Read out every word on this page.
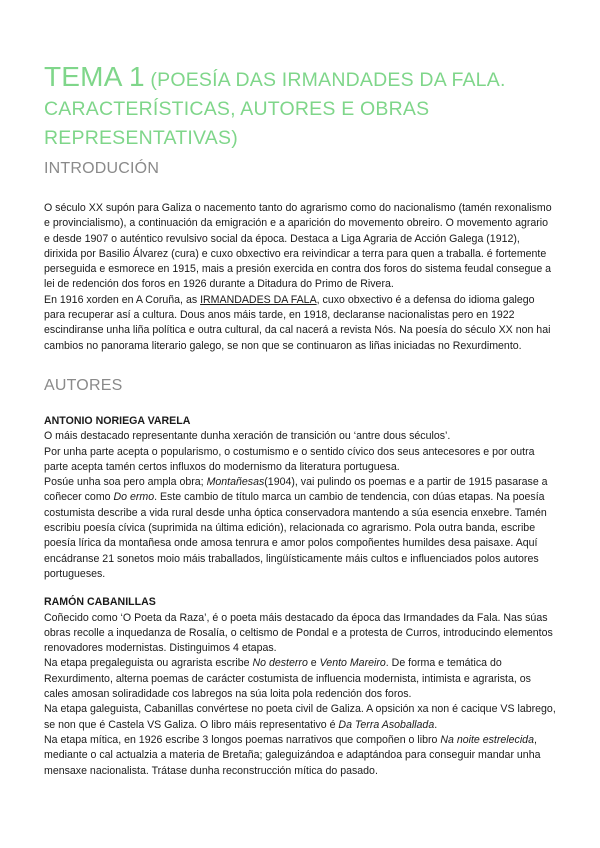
TEMA 1 (POESÍA DAS IRMANDADES DA FALA. CARACTERÍSTICAS, AUTORES E OBRAS REPRESENTATIVAS)
INTRODUCIÓN

O século XX supón para Galiza o nacemento tanto do agrarismo como do nacionalismo (tamén rexonalismo e provincialismo), a continuación da emigración e a aparición do movemento obreiro. O movemento agrario e desde 1907 o auténtico revulsivo social da época. Destaca a Liga Agraria de Acción Galega (1912), dirixida por Basilio Álvarez (cura) e cuxo obxectivo era reivindicar a terra para quen a traballa. é fortemente perseguida e esmorece en 1915, mais a presión exercida en contra dos foros do sistema feudal consegue a lei de redención dos foros en 1926 durante a Ditadura do Primo de Rivera.

En 1916 xorden en A Coruña, as IRMANDADES DA FALA, cuxo obxectivo é a defensa do idioma galego para recuperar así a cultura. Dous anos máis tarde, en 1918, declaranse nacionalistas pero en 1922 escindiranse unha liña política e outra cultural, da cal nacerá a revista Nós. Na poesía do século XX non hai cambios no panorama literario galego, se non que se continuaron as liñas iniciadas no Rexurdimento.

AUTORES

ANTONIO NORIEGA VARELA

O máis destacado representante dunha xeración de transición ou ‘antre dous séculos’.

Por unha parte acepta o popularismo, o costumismo e o sentido cívico dos seus antecesores e por outra parte acepta tamén certos influxos do modernismo da literatura portuguesa.

Posúe unha soa pero ampla obra; Montañesas(1904), vai pulindo os poemas e a partir de 1915 pasarase a coñecer como Do ermo. Este cambio de título marca un cambio de tendencia, con dúas etapas. Na poesía costumista describe a vida rural desde unha óptica conservadora mantendo a súa esencia enxebre. Tamén escribiu poesía cívica (suprimida na última edición), relacionada co agrarismo. Pola outra banda, escribe poesía lírica da montañesa onde amosa tenrura e amor polos compoñentes humildes desa paisaxe. Aquí encádranse 21 sonetos moio máis traballados, lingüísticamente máis cultos e influenciados polos autores portugueses.

RAMÓN CABANILLAS

Coñecido como ‘O Poeta da Raza’, é o poeta máis destacado da época das Irmandades da Fala. Nas súas obras recolle a inquedanza de Rosalía, o celtismo de Pondal e a protesta de Curros, introducindo elementos renovadores modernistas. Distinguimos 4 etapas.

Na etapa pregaleguista ou agrarista escribe No desterro e Vento Mareiro. De forma e temática do Rexurdimento, alterna poemas de carácter costumista de influencia modernista, intimista e agrarista, os cales amosan soliradidade cos labregos na súa loita pola redención dos foros.

Na etapa galeguista, Cabanillas convértese no poeta civil de Galiza. A opsición xa non é cacique VS labrego, se non que é Castela VS Galiza. O libro máis representativo é Da Terra Asoballada.

Na etapa mítica, en 1926 escribe 3 longos poemas narrativos que compoñen o libro Na noite estrelecida, mediante o cal actualzia a materia de Bretaña; galeguizándoa e adaptándoa para conseguir mandar unha mensaxe nacionalista. Trátase dunha reconstrucción mítica do pasado.
